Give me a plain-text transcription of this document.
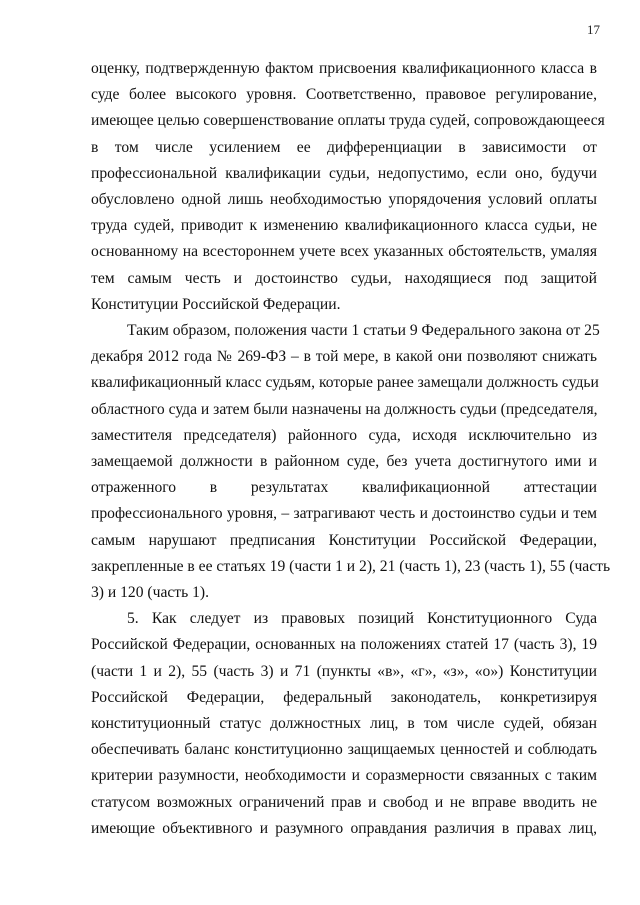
17
оценку, подтвержденную фактом присвоения квалификационного класса в
суде более высокого уровня. Соответственно, правовое регулирование,
имеющее целью совершенствование оплаты труда судей, сопровождающееся
в том числе усилением ее дифференциации в зависимости от
профессиональной квалификации судьи, недопустимо, если оно, будучи
обусловлено одной лишь необходимостью упорядочения условий оплаты
труда судей, приводит к изменению квалификационного класса судьи, не
основанному на всестороннем учете всех указанных обстоятельств, умаляя
тем самым честь и достоинство судьи, находящиеся под защитой
Конституции Российской Федерации.
Таким образом, положения части 1 статьи 9 Федерального закона от 25
декабря 2012 года № 269-ФЗ – в той мере, в какой они позволяют снижать
квалификационный класс судьям, которые ранее замещали должность судьи
областного суда и затем были назначены на должность судьи (председателя,
заместителя председателя) районного суда, исходя исключительно из
замещаемой должности в районном суде, без учета достигнутого ими и
отраженного в результатах квалификационной аттестации
профессионального уровня, – затрагивают честь и достоинство судьи и тем
самым нарушают предписания Конституции Российской Федерации,
закрепленные в ее статьях 19 (части 1 и 2), 21 (часть 1), 23 (часть 1), 55 (часть
3) и 120 (часть 1).
5. Как следует из правовых позиций Конституционного Суда
Российской Федерации, основанных на положениях статей 17 (часть 3), 19
(части 1 и 2), 55 (часть 3) и 71 (пункты «в», «г», «з», «о») Конституции
Российской Федерации, федеральный законодатель, конкретизируя
конституционный статус должностных лиц, в том числе судей, обязан
обеспечивать баланс конституционно защищаемых ценностей и соблюдать
критерии разумности, необходимости и соразмерности связанных с таким
статусом возможных ограничений прав и свобод и не вправе вводить не
имеющие объективного и разумного оправдания различия в правах лиц,
